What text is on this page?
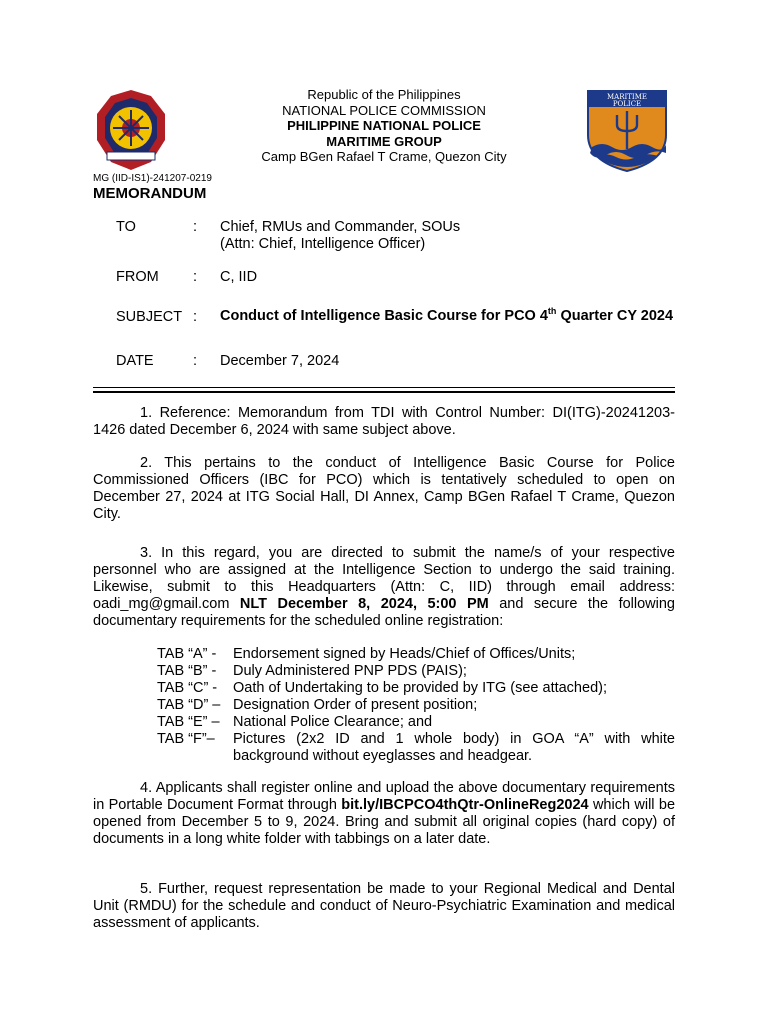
Republic of the Philippines
NATIONAL POLICE COMMISSION
PHILIPPINE NATIONAL POLICE
MARITIME GROUP
Camp BGen Rafael T Crame, Quezon City
MARITIME
POLICE
MG (IID-IS1)-241207-0219
MEMORANDUM
TO	: Chief, RMUs and Commander, SOUs
(Attn: Chief, Intelligence Officer)
FROM : C, IID
SUBJECT : Conduct of Intelligence Basic Course for PCO 4th Quarter CY 2024
DATE	: December 7, 2024
1. Reference: Memorandum from TDI with Control Number: DI(ITG)-20241203-1426 dated December 6, 2024 with same subject above.
2. This pertains to the conduct of Intelligence Basic Course for Police Commissioned Officers (IBC for PCO) which is tentatively scheduled to open on December 27, 2024 at ITG Social Hall, DI Annex, Camp BGen Rafael T Crame, Quezon City.
3. In this regard, you are directed to submit the name/s of your respective personnel who are assigned at the Intelligence Section to undergo the said training. Likewise, submit to this Headquarters (Attn: C, IID) through email address: oadi_mg@gmail.com NLT December 8, 2024, 5:00 PM and secure the following documentary requirements for the scheduled online registration:
TAB “A” -	Endorsement signed by Heads/Chief of Offices/Units;
TAB “B” -	Duly Administered PNP PDS (PAIS);
TAB “C” -	Oath of Undertaking to be provided by ITG (see attached);
TAB “D” – Designation Order of present position;
TAB “E” – National Police Clearance; and
TAB “F”–	Pictures (2x2 ID and 1 whole body) in GOA “A” with white background without eyeglasses and headgear.
4. Applicants shall register online and upload the above documentary requirements in Portable Document Format through bit.ly/IBCPCO4thQtr-OnlineReg2024 which will be opened from December 5 to 9, 2024. Bring and submit all original copies (hard copy) of documents in a long white folder with tabbings on a later date.
5. Further, request representation be made to your Regional Medical and Dental Unit (RMDU) for the schedule and conduct of Neuro-Psychiatric Examination and medical assessment of applicants.
